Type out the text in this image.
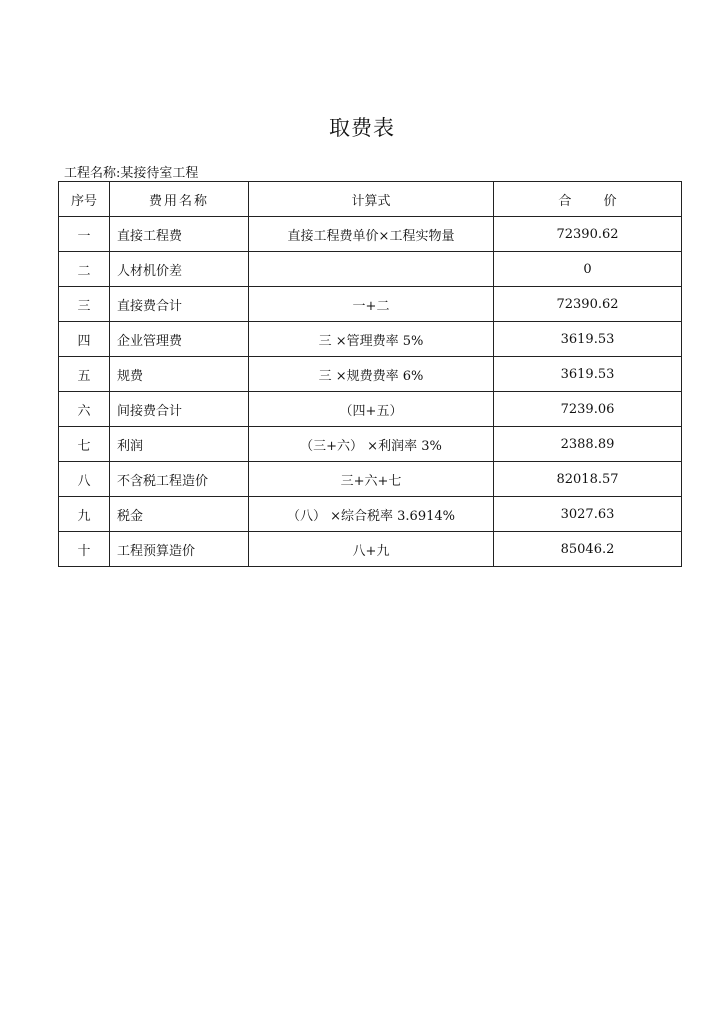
取费表
工程名称:某接待室工程
序号	费用名称	计算式	合 价
一	直接工程费	直接工程费单价×工程实物量	72390.62
二	人材机价差		0
三	直接费合计	一+二	72390.62
四	企业管理费	三 ×管理费率 5%	3619.53
五	规费	三 ×规费费率 6%	3619.53
六	间接费合计	（四+五）	7239.06
七	利润	（三+六） ×利润率 3%	2388.89
八	不含税工程造价	三+六+七	82018.57
九	税金	（八） ×综合税率 3.6914%	3027.63
十	工程预算造价	八+九	85046.2
